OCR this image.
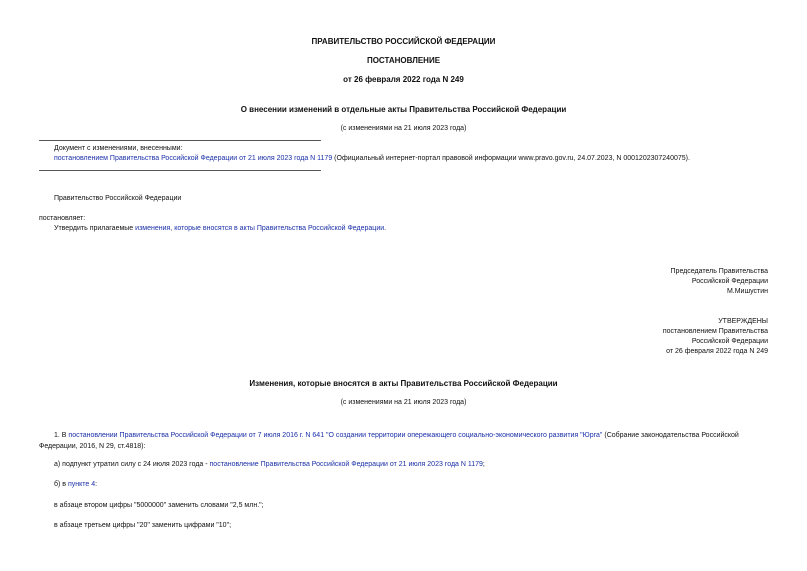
ПРАВИТЕЛЬСТВО РОССИЙСКОЙ ФЕДЕРАЦИИ
ПОСТАНОВЛЕНИЕ
от 26 февраля 2022 года N 249
О внесении изменений в отдельные акты Правительства Российской Федерации
(с изменениями на 21 июля 2023 года)
Документ с изменениями, внесенными:
постановлением Правительства Российской Федерации от 21 июля 2023 года N 1179 (Официальный интернет-портал правовой информации www.pravo.gov.ru, 24.07.2023, N 0001202307240075).
Правительство Российской Федерации
постановляет:
Утвердить прилагаемые изменения, которые вносятся в акты Правительства Российской Федерации.
Председатель Правительства
Российской Федерации
М.Мишустин
УТВЕРЖДЕНЫ
постановлением Правительства
Российской Федерации
от 26 февраля 2022 года N 249
Изменения, которые вносятся в акты Правительства Российской Федерации
(с изменениями на 21 июля 2023 года)
1. В постановлении Правительства Российской Федерации от 7 июля 2016 г. N 641 "О создании территории опережающего социально-экономического развития "Юрга" (Собрание законодательства Российской Федерации, 2016, N 29, ст.4818):
а) подпункт утратил силу с 24 июля 2023 года - постановление Правительства Российской Федерации от 21 июля 2023 года N 1179;
б) в пункте 4:
в абзаце втором цифры "5000000" заменить словами "2,5 млн.";
в абзаце третьем цифры "20" заменить цифрами "10";
